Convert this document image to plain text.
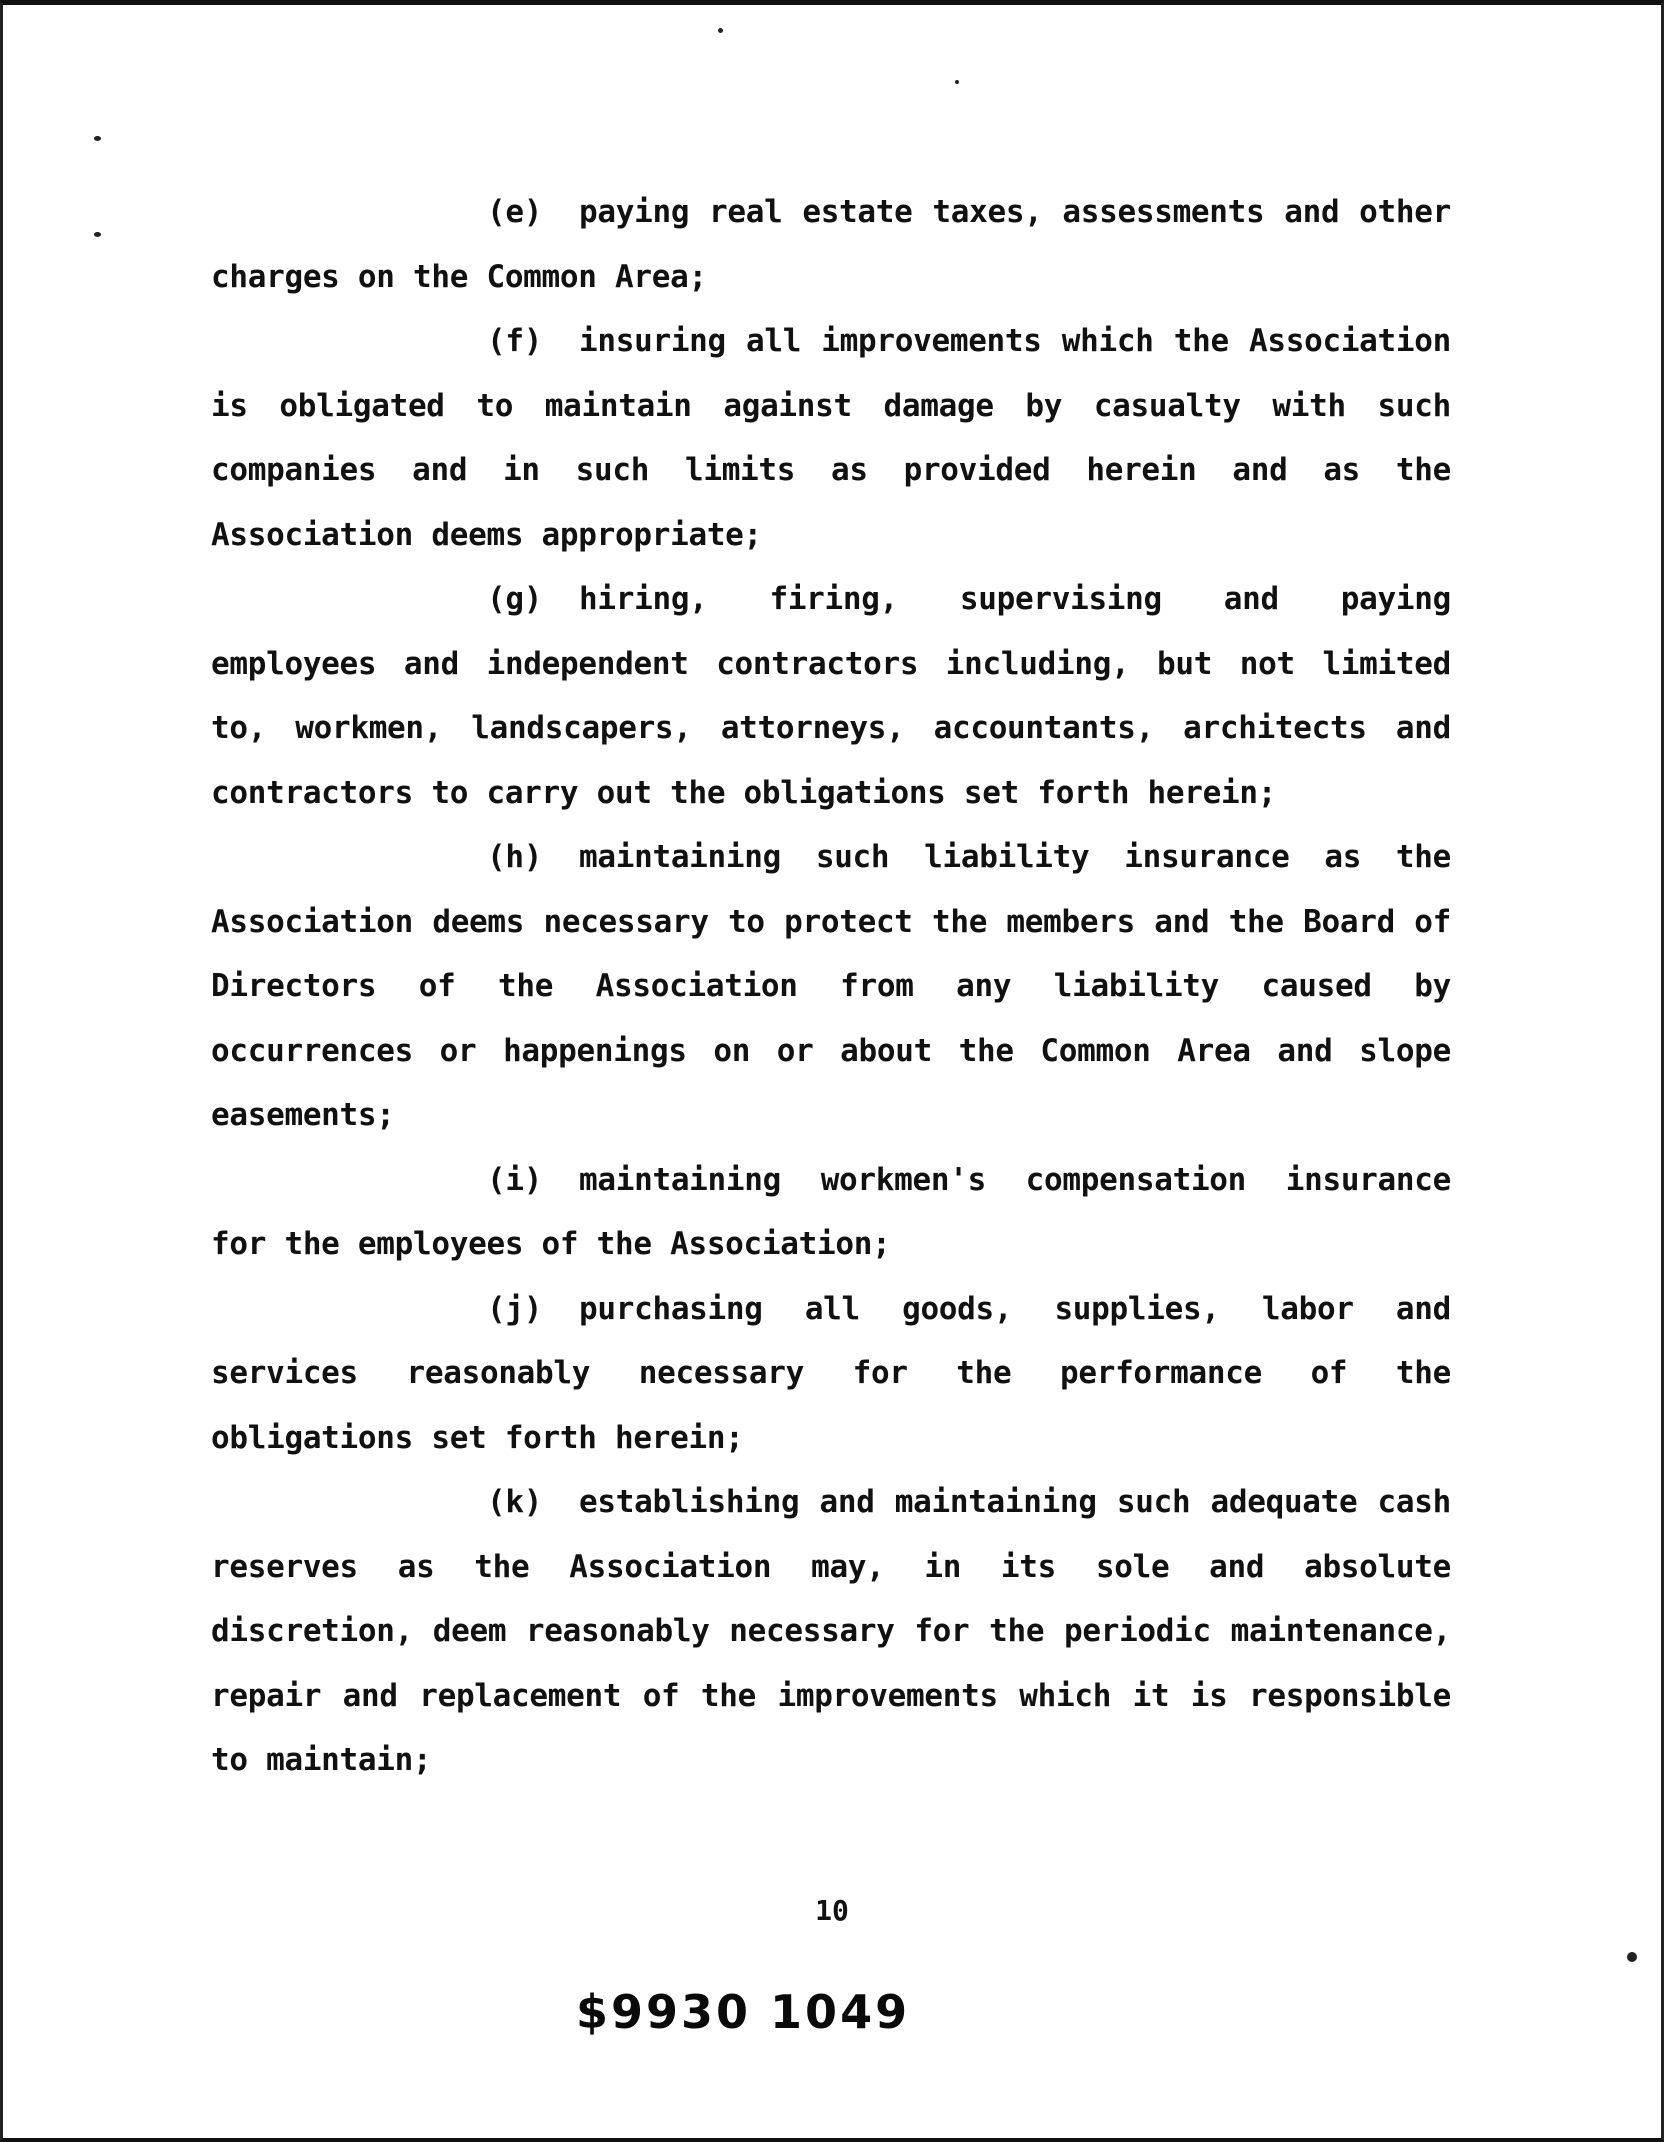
(e) paying real estate taxes, assessments and other
charges on the Common Area;
(f) insuring all improvements which the Association
is obligated to maintain against damage by casualty with such companies and in such limits as provided herein and as the Association deems appropriate;
(g) hiring, firing, supervising and paying
employees and independent contractors including, but not limited to, workmen, landscapers, attorneys, accountants, architects and contractors to carry out the obligations set forth herein;
(h) maintaining such liability insurance as the
Association deems necessary to protect the members and the Board of Directors of the Association from any liability caused by occurrences or happenings on or about the Common Area and slope easements;
(i) maintaining workmen's compensation insurance
for the employees of the Association;
(j) purchasing all goods, supplies, labor and
services reasonably necessary for the performance of the obligations set forth herein;
(k) establishing and maintaining such adequate cash
reserves as the Association may, in its sole and absolute discretion, deem reasonably necessary for the periodic maintenance, repair and replacement of the improvements which it is responsible to maintain;
10
$9930 1049
